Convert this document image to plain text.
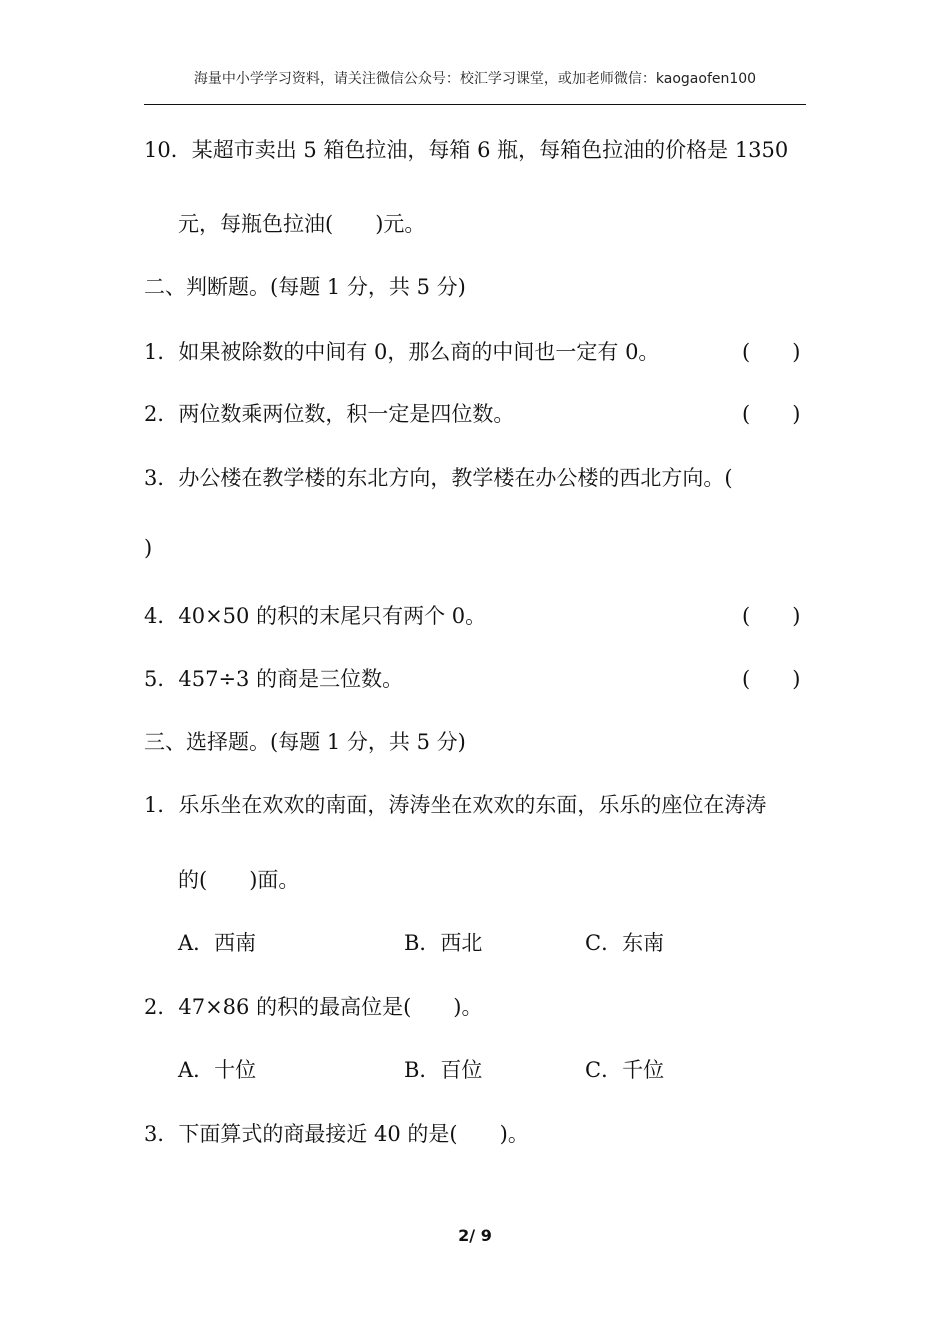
海量中小学学习资料，请关注微信公众号：校汇学习课堂，或加老师微信：kaogaofen100
10．某超市卖出 5 箱色拉油，每箱 6 瓶，每箱色拉油的价格是 1350
元，每瓶色拉油(　　)元。
二、判断题。(每题 1 分，共 5 分)
1．如果被除数的中间有 0，那么商的中间也一定有 0。	(　　)
2．两位数乘两位数，积一定是四位数。	(　　)
3．办公楼在教学楼的东北方向，教学楼在办公楼的西北方向。(
)
4．40×50 的积的末尾只有两个 0。	(　　)
5．457÷3 的商是三位数。	(　　)
三、选择题。(每题 1 分，共 5 分)
1．乐乐坐在欢欢的南面，涛涛坐在欢欢的东面，乐乐的座位在涛涛
的(　　)面。
A．西南	B．西北	C．东南
2．47×86 的积的最高位是(　　)。
A．十位	B．百位	C．千位
3．下面算式的商最接近 40 的是(　　)。
2/ 9
